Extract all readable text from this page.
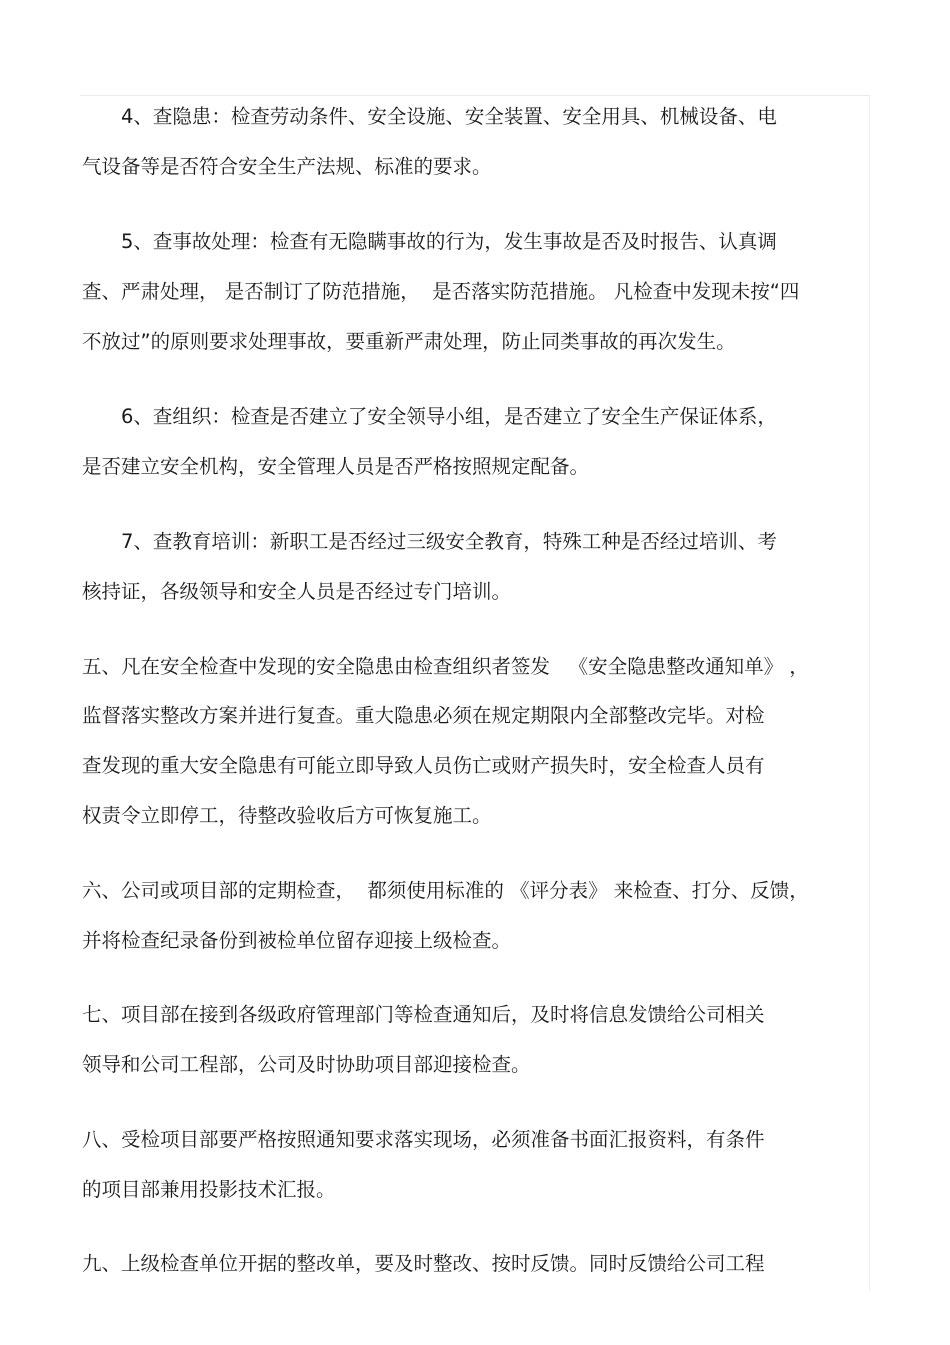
4、查隐患：检查劳动条件、安全设施、安全装置、安全用具、机械设备、电

气设备等是否符合安全生产法规、标准的要求。

5、查事故处理：检查有无隐瞒事故的行为，发生事故是否及时报告、认真调

查、严肃处理， 是否制订了防范措施，  是否落实防范措施。 凡检查中发现未按“四

不放过”的原则要求处理事故，要重新严肃处理，防止同类事故的再次发生。

6、查组织：检查是否建立了安全领导小组，是否建立了安全生产保证体系，

是否建立安全机构，安全管理人员是否严格按照规定配备。

7、查教育培训：新职工是否经过三级安全教育，特殊工种是否经过培训、考

核持证，各级领导和安全人员是否经过专门培训。

五、凡在安全检查中发现的安全隐患由检查组织者签发   《安全隐患整改通知单》 ，

监督落实整改方案并进行复查。重大隐患必须在规定期限内全部整改完毕。对检

查发现的重大安全隐患有可能立即导致人员伤亡或财产损失时，安全检查人员有

权责令立即停工，待整改验收后方可恢复施工。

六、公司或项目部的定期检查，  都须使用标准的 《评分表》 来检查、打分、反馈，

并将检查纪录备份到被检单位留存迎接上级检查。

七、项目部在接到各级政府管理部门等检查通知后，及时将信息发馈给公司相关

领导和公司工程部，公司及时协助项目部迎接检查。

八、受检项目部要严格按照通知要求落实现场，必须准备书面汇报资料，有条件

的项目部兼用投影技术汇报。

九、上级检查单位开据的整改单，要及时整改、按时反馈。同时反馈给公司工程
